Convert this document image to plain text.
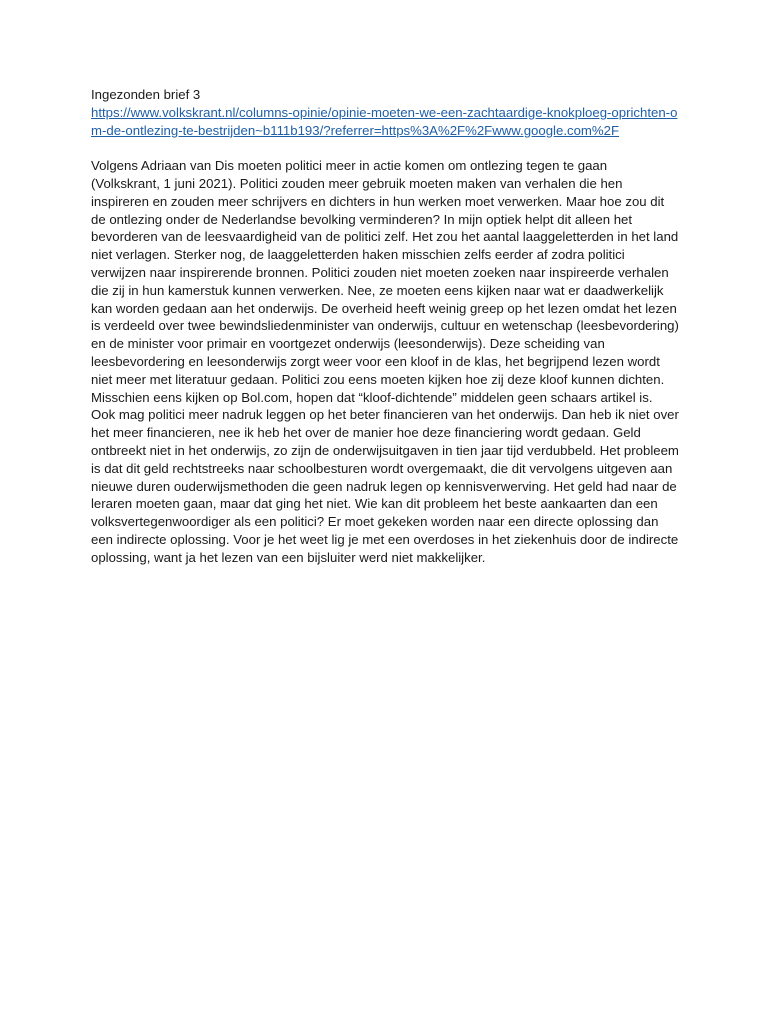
Ingezonden brief 3

https://www.volkskrant.nl/columns-opinie/opinie-moeten-we-een-zachtaardige-knokploeg-oprichten-om-de-ontlezing-te-bestrijden~b111b193/?referrer=https%3A%2F%2Fwww.google.com%2F

Volgens Adriaan van Dis moeten politici meer in actie komen om ontlezing tegen te gaan (Volkskrant, 1 juni 2021). Politici zouden meer gebruik moeten maken van verhalen die hen inspireren en zouden meer schrijvers en dichters in hun werken moet verwerken. Maar hoe zou dit de ontlezing onder de Nederlandse bevolking verminderen? In mijn optiek helpt dit alleen het bevorderen van de leesvaardigheid van de politici zelf. Het zou het aantal laaggeletterden in het land niet verlagen. Sterker nog, de laaggeletterden haken misschien zelfs eerder af zodra politici verwijzen naar inspirerende bronnen. Politici zouden niet moeten zoeken naar inspireerde verhalen die zij in hun kamerstuk kunnen verwerken. Nee, ze moeten eens kijken naar wat er daadwerkelijk kan worden gedaan aan het onderwijs. De overheid heeft weinig greep op het lezen omdat het lezen is verdeeld over twee bewindsliedenminister van onderwijs, cultuur en wetenschap (leesbevordering) en de minister voor primair en voortgezet onderwijs (leesonderwijs). Deze scheiding van leesbevordering en leesonderwijs zorgt weer voor een kloof in de klas, het begrijpend lezen wordt niet meer met literatuur gedaan. Politici zou eens moeten kijken hoe zij deze kloof kunnen dichten. Misschien eens kijken op Bol.com, hopen dat “kloof-dichtende” middelen geen schaars artikel is. Ook mag politici meer nadruk leggen op het beter financieren van het onderwijs. Dan heb ik niet over het meer financieren, nee ik heb het over de manier hoe deze financiering wordt gedaan. Geld ontbreekt niet in het onderwijs, zo zijn de onderwijsuitgaven in tien jaar tijd verdubbeld. Het probleem is dat dit geld rechtstreeks naar schoolbesturen wordt overgemaakt, die dit vervolgens uitgeven aan nieuwe duren ouderwijsmethoden die geen nadruk legen op kennisverwerving. Het geld had naar de leraren moeten gaan, maar dat ging het niet. Wie kan dit probleem het beste aankaarten dan een volksvertegenwoordiger als een politici? Er moet gekeken worden naar een directe oplossing dan een indirecte oplossing. Voor je het weet lig je met een overdoses in het ziekenhuis door de indirecte oplossing, want ja het lezen van een bijsluiter werd niet makkelijker.
